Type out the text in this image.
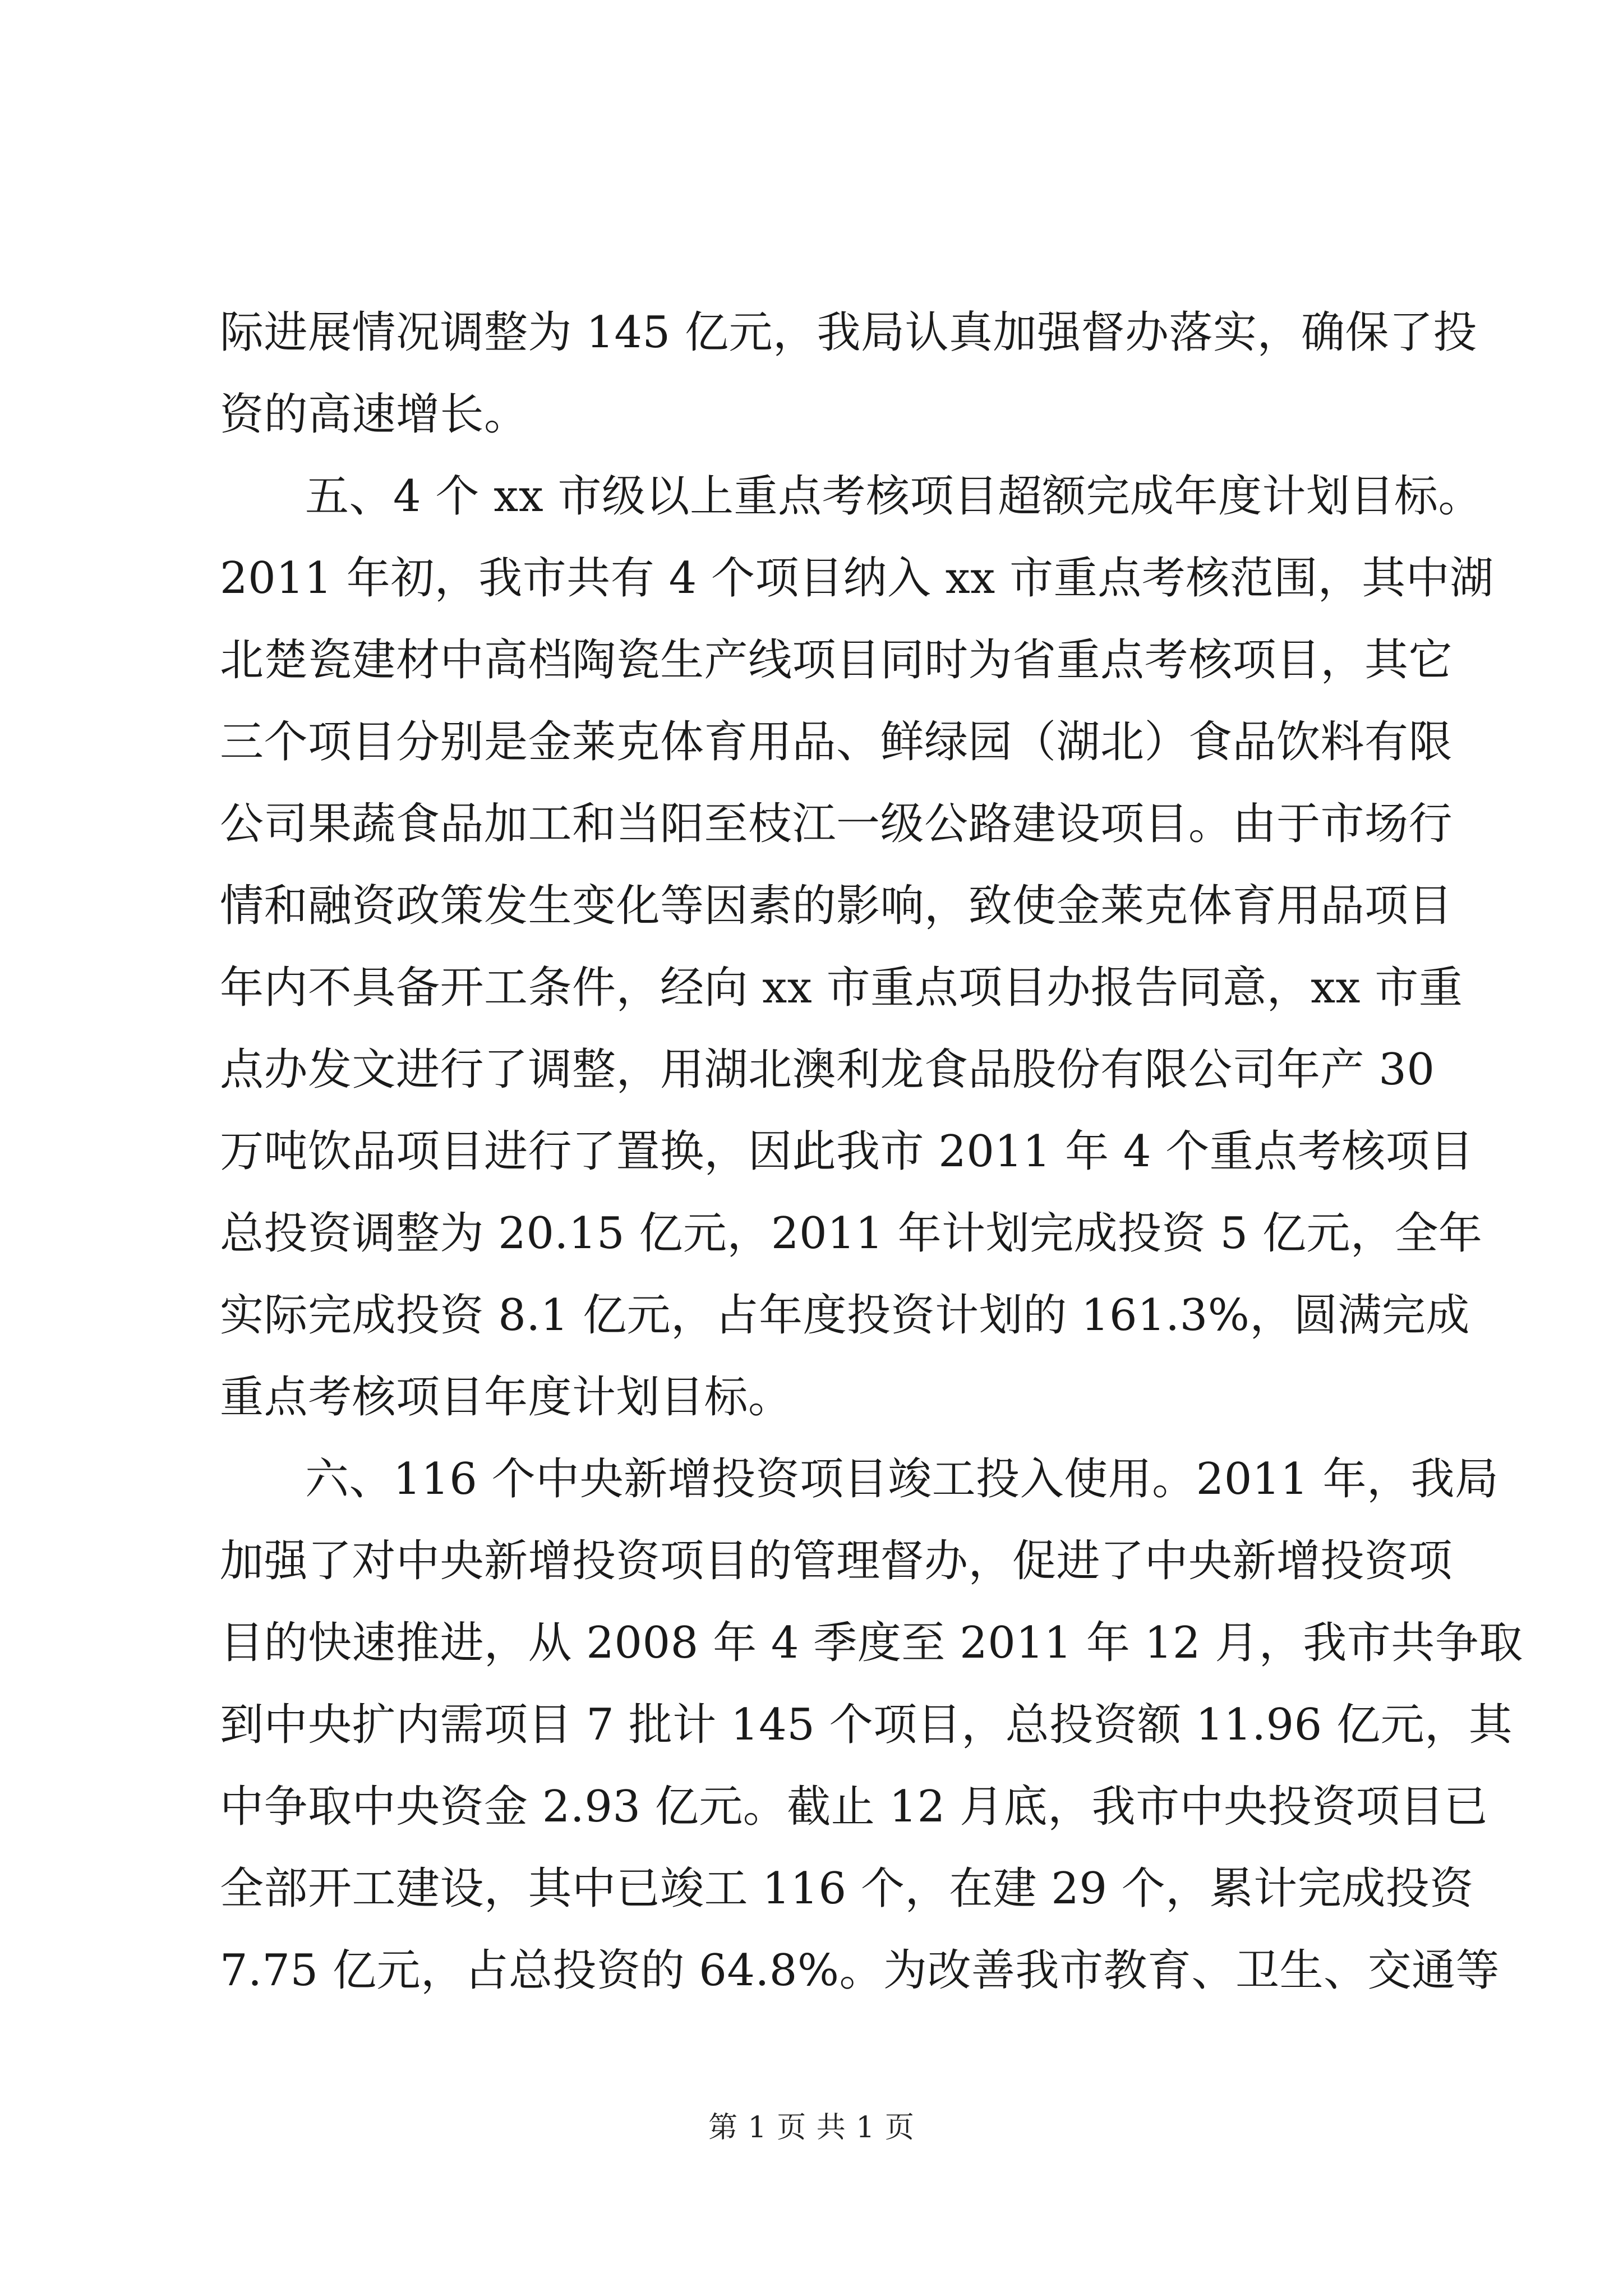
际进展情况调整为 145 亿元，我局认真加强督办落实，确保了投
资的高速增长。
五、4 个 xx 市级以上重点考核项目超额完成年度计划目标。
2011 年初，我市共有 4 个项目纳入 xx 市重点考核范围，其中湖
北楚瓷建材中高档陶瓷生产线项目同时为省重点考核项目，其它
三个项目分别是金莱克体育用品、鲜绿园（湖北）食品饮料有限
公司果蔬食品加工和当阳至枝江一级公路建设项目。由于市场行
情和融资政策发生变化等因素的影响，致使金莱克体育用品项目
年内不具备开工条件，经向 xx 市重点项目办报告同意，xx 市重
点办发文进行了调整，用湖北澳利龙食品股份有限公司年产 30
万吨饮品项目进行了置换，因此我市 2011 年 4 个重点考核项目
总投资调整为 20.15 亿元，2011 年计划完成投资 5 亿元，全年
实际完成投资 8.1 亿元，占年度投资计划的 161.3%，圆满完成
重点考核项目年度计划目标。
六、116 个中央新增投资项目竣工投入使用。2011 年，我局
加强了对中央新增投资项目的管理督办，促进了中央新增投资项
目的快速推进，从 2008 年 4 季度至 2011 年 12 月，我市共争取
到中央扩内需项目 7 批计 145 个项目，总投资额 11.96 亿元，其
中争取中央资金 2.93 亿元。截止 12 月底，我市中央投资项目已
全部开工建设，其中已竣工 116 个，在建 29 个，累计完成投资
7.75 亿元，占总投资的 64.8%。为改善我市教育、卫生、交通等
第 1 页 共 1 页
